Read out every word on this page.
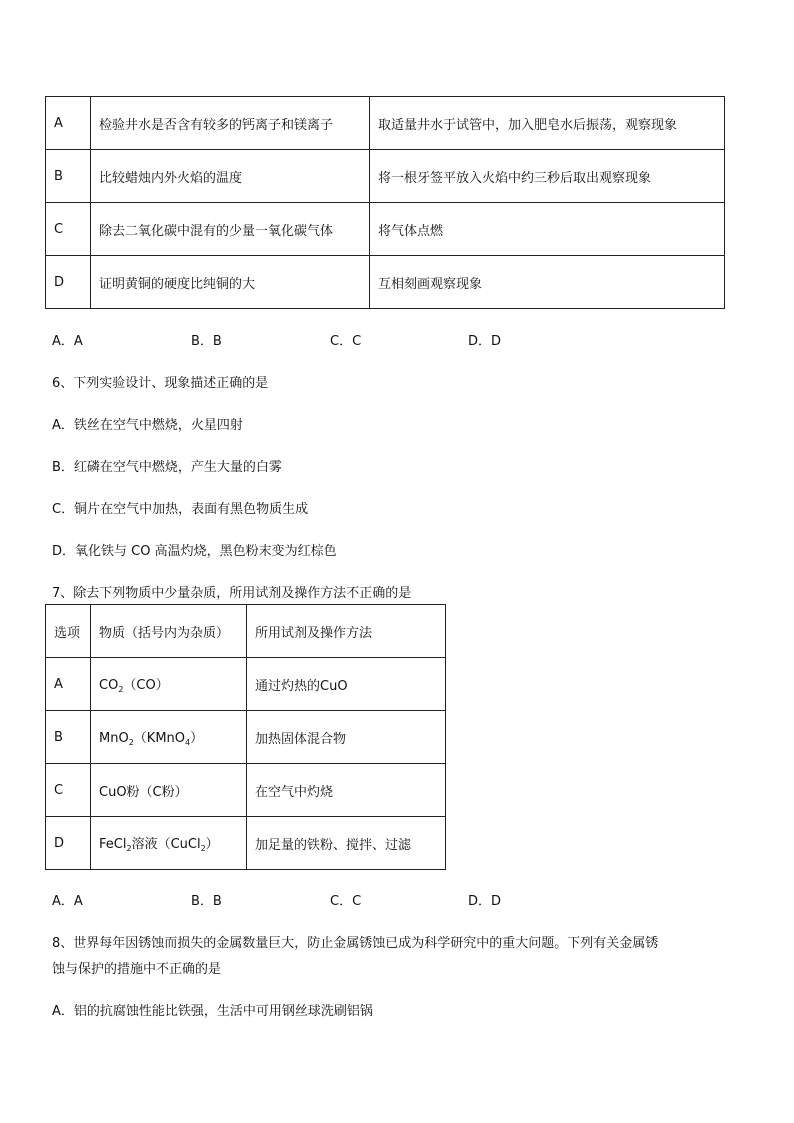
A	检验井水是否含有较多的钙离子和镁离子	取适量井水于试管中，加入肥皂水后振荡，观察现象
B	比较蜡烛内外火焰的温度	将一根牙签平放入火焰中约三秒后取出观察现象
C	除去二氧化碳中混有的少量一氧化碳气体	将气体点燃
D	证明黄铜的硬度比纯铜的大	互相刻画观察现象
A．A	B．B	C．C	D．D
6、下列实验设计、现象描述正确的是
A．铁丝在空气中燃烧，火星四射
B．红磷在空气中燃烧，产生大量的白雾
C．铜片在空气中加热，表面有黑色物质生成
D．氧化铁与 CO 高温灼烧，黑色粉末变为红棕色
7、除去下列物质中少量杂质，所用试剂及操作方法不正确的是
选项	物质（括号内为杂质）	所用试剂及操作方法
A	$CO_2(CO)$	通过灼热的CuO
B	MnO$_2$（KMnO$_4$）	加热固体混合物
C	CuO粉（C粉）	在空气中灼烧
D	FeCl$_2$溶液（CuCl$_2$）	加足量的铁粉、搅拌、过滤
A．A	B．B	C．C	D．D
8、世界每年因锈蚀而损失的金属数量巨大，防止金属锈蚀已成为科学研究中的重大问题。下列有关金属锈
蚀与保护的措施中不正确的是
A．铝的抗腐蚀性能比铁强，生活中可用钢丝球洗刷铝锅
